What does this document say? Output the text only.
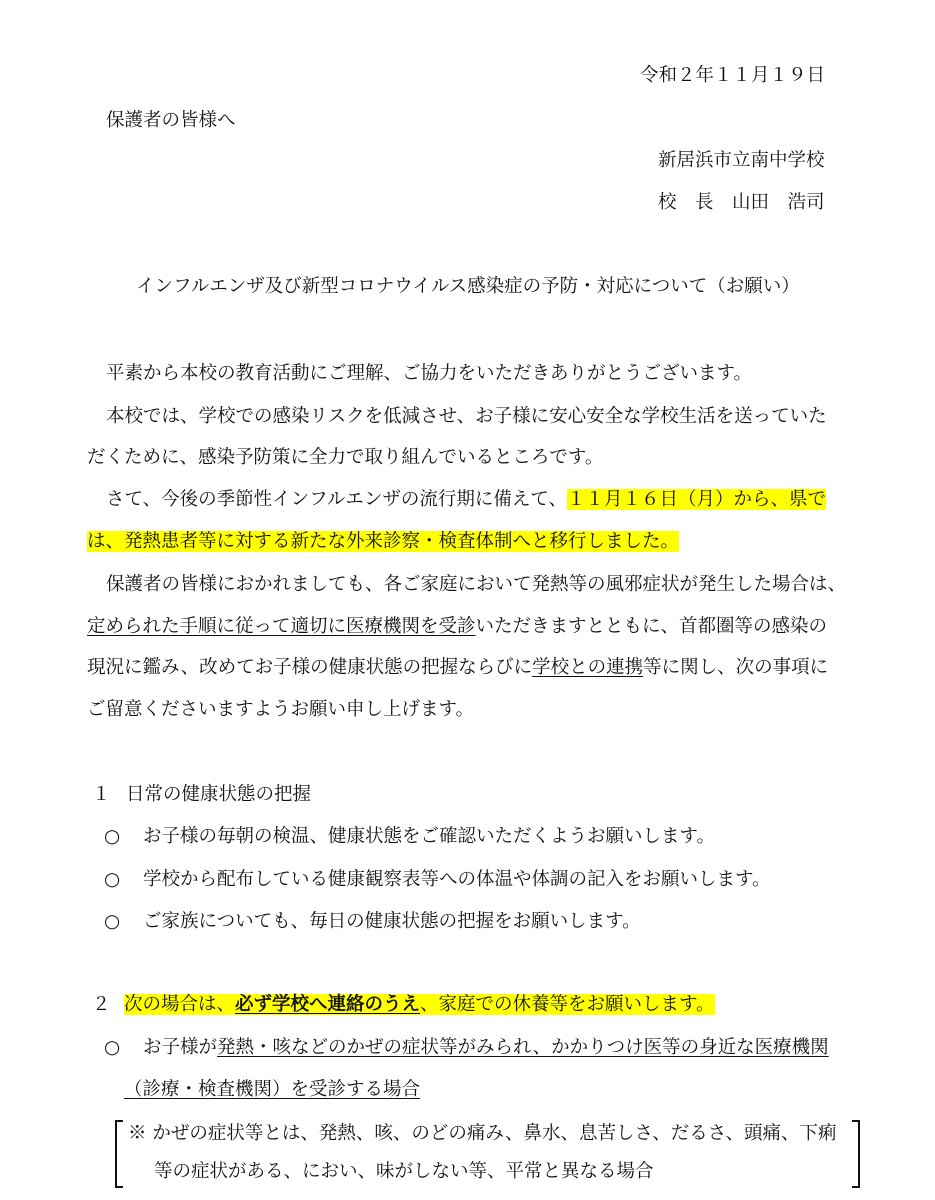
令和２年１１月１９日
保護者の皆様へ
新居浜市立南中学校
校　長　山田　浩司
インフルエンザ及び新型コロナウイルス感染症の予防・対応について（お願い）
平素から本校の教育活動にご理解、ご協力をいただきありがとうございます。
本校では、学校での感染リスクを低減させ、お子様に安心安全な学校生活を送っていた
だくために、感染予防策に全力で取り組んでいるところです。
さて、今後の季節性インフルエンザの流行期に備えて、１１月１６日（月）から、県で
は、発熱患者等に対する新たな外来診察・検査体制へと移行しました。
保護者の皆様におかれましても、各ご家庭において発熱等の風邪症状が発生した場合は、
定められた手順に従って適切に医療機関を受診いただきますとともに、首都圏等の感染の
現況に鑑み、改めてお子様の健康状態の把握ならびに学校との連携等に関し、次の事項に
ご留意くださいますようお願い申し上げます。
１ 日常の健康状態の把握
○ お子様の毎朝の検温、健康状態をご確認いただくようお願いします。
○ 学校から配布している健康観察表等への体温や体調の記入をお願いします。
○ ご家族についても、毎日の健康状態の把握をお願いします。
２ 次の場合は、必ず学校へ連絡のうえ、家庭での休養等をお願いします。
○ お子様が発熱・咳などのかぜの症状等がみられ、かかりつけ医等の身近な医療機関
（診療・検査機関）を受診する場合
※ かぜの症状等とは、発熱、咳、のどの痛み、鼻水、息苦しさ、だるさ、頭痛、下痢
等の症状がある、におい、味がしない等、平常と異なる場合
